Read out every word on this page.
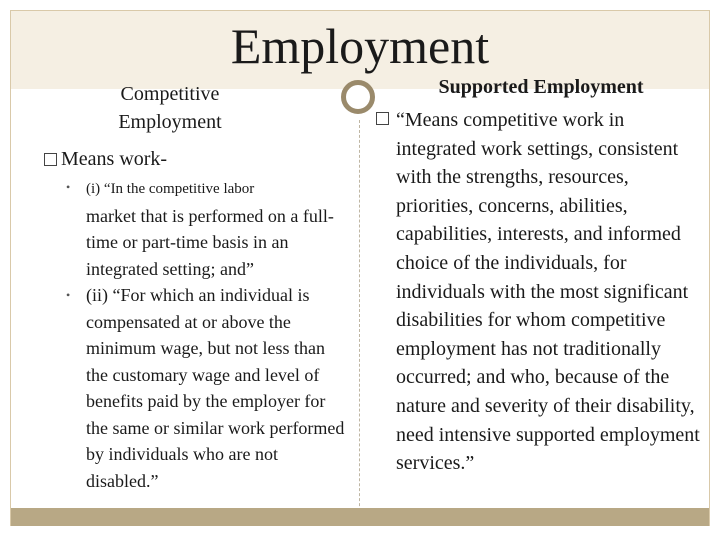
Employment
Competitive
Employment
Means work-
• (i) “In the competitive labor
market that is performed on a full-time or part-time basis in an integrated setting; and”
• (ii) “For which an individual is compensated at or above the minimum wage, but not less than the customary wage and level of benefits paid by the employer for the same or similar work performed by individuals who are not disabled.”
Supported Employment
“Means competitive work in integrated work settings, consistent with the strengths, resources, priorities, concerns, abilities, capabilities, interests, and informed choice of the individuals, for individuals with the most significant disabilities for whom competitive employment has not traditionally occurred; and who, because of the nature and severity of their disability, need intensive supported employment services.”
